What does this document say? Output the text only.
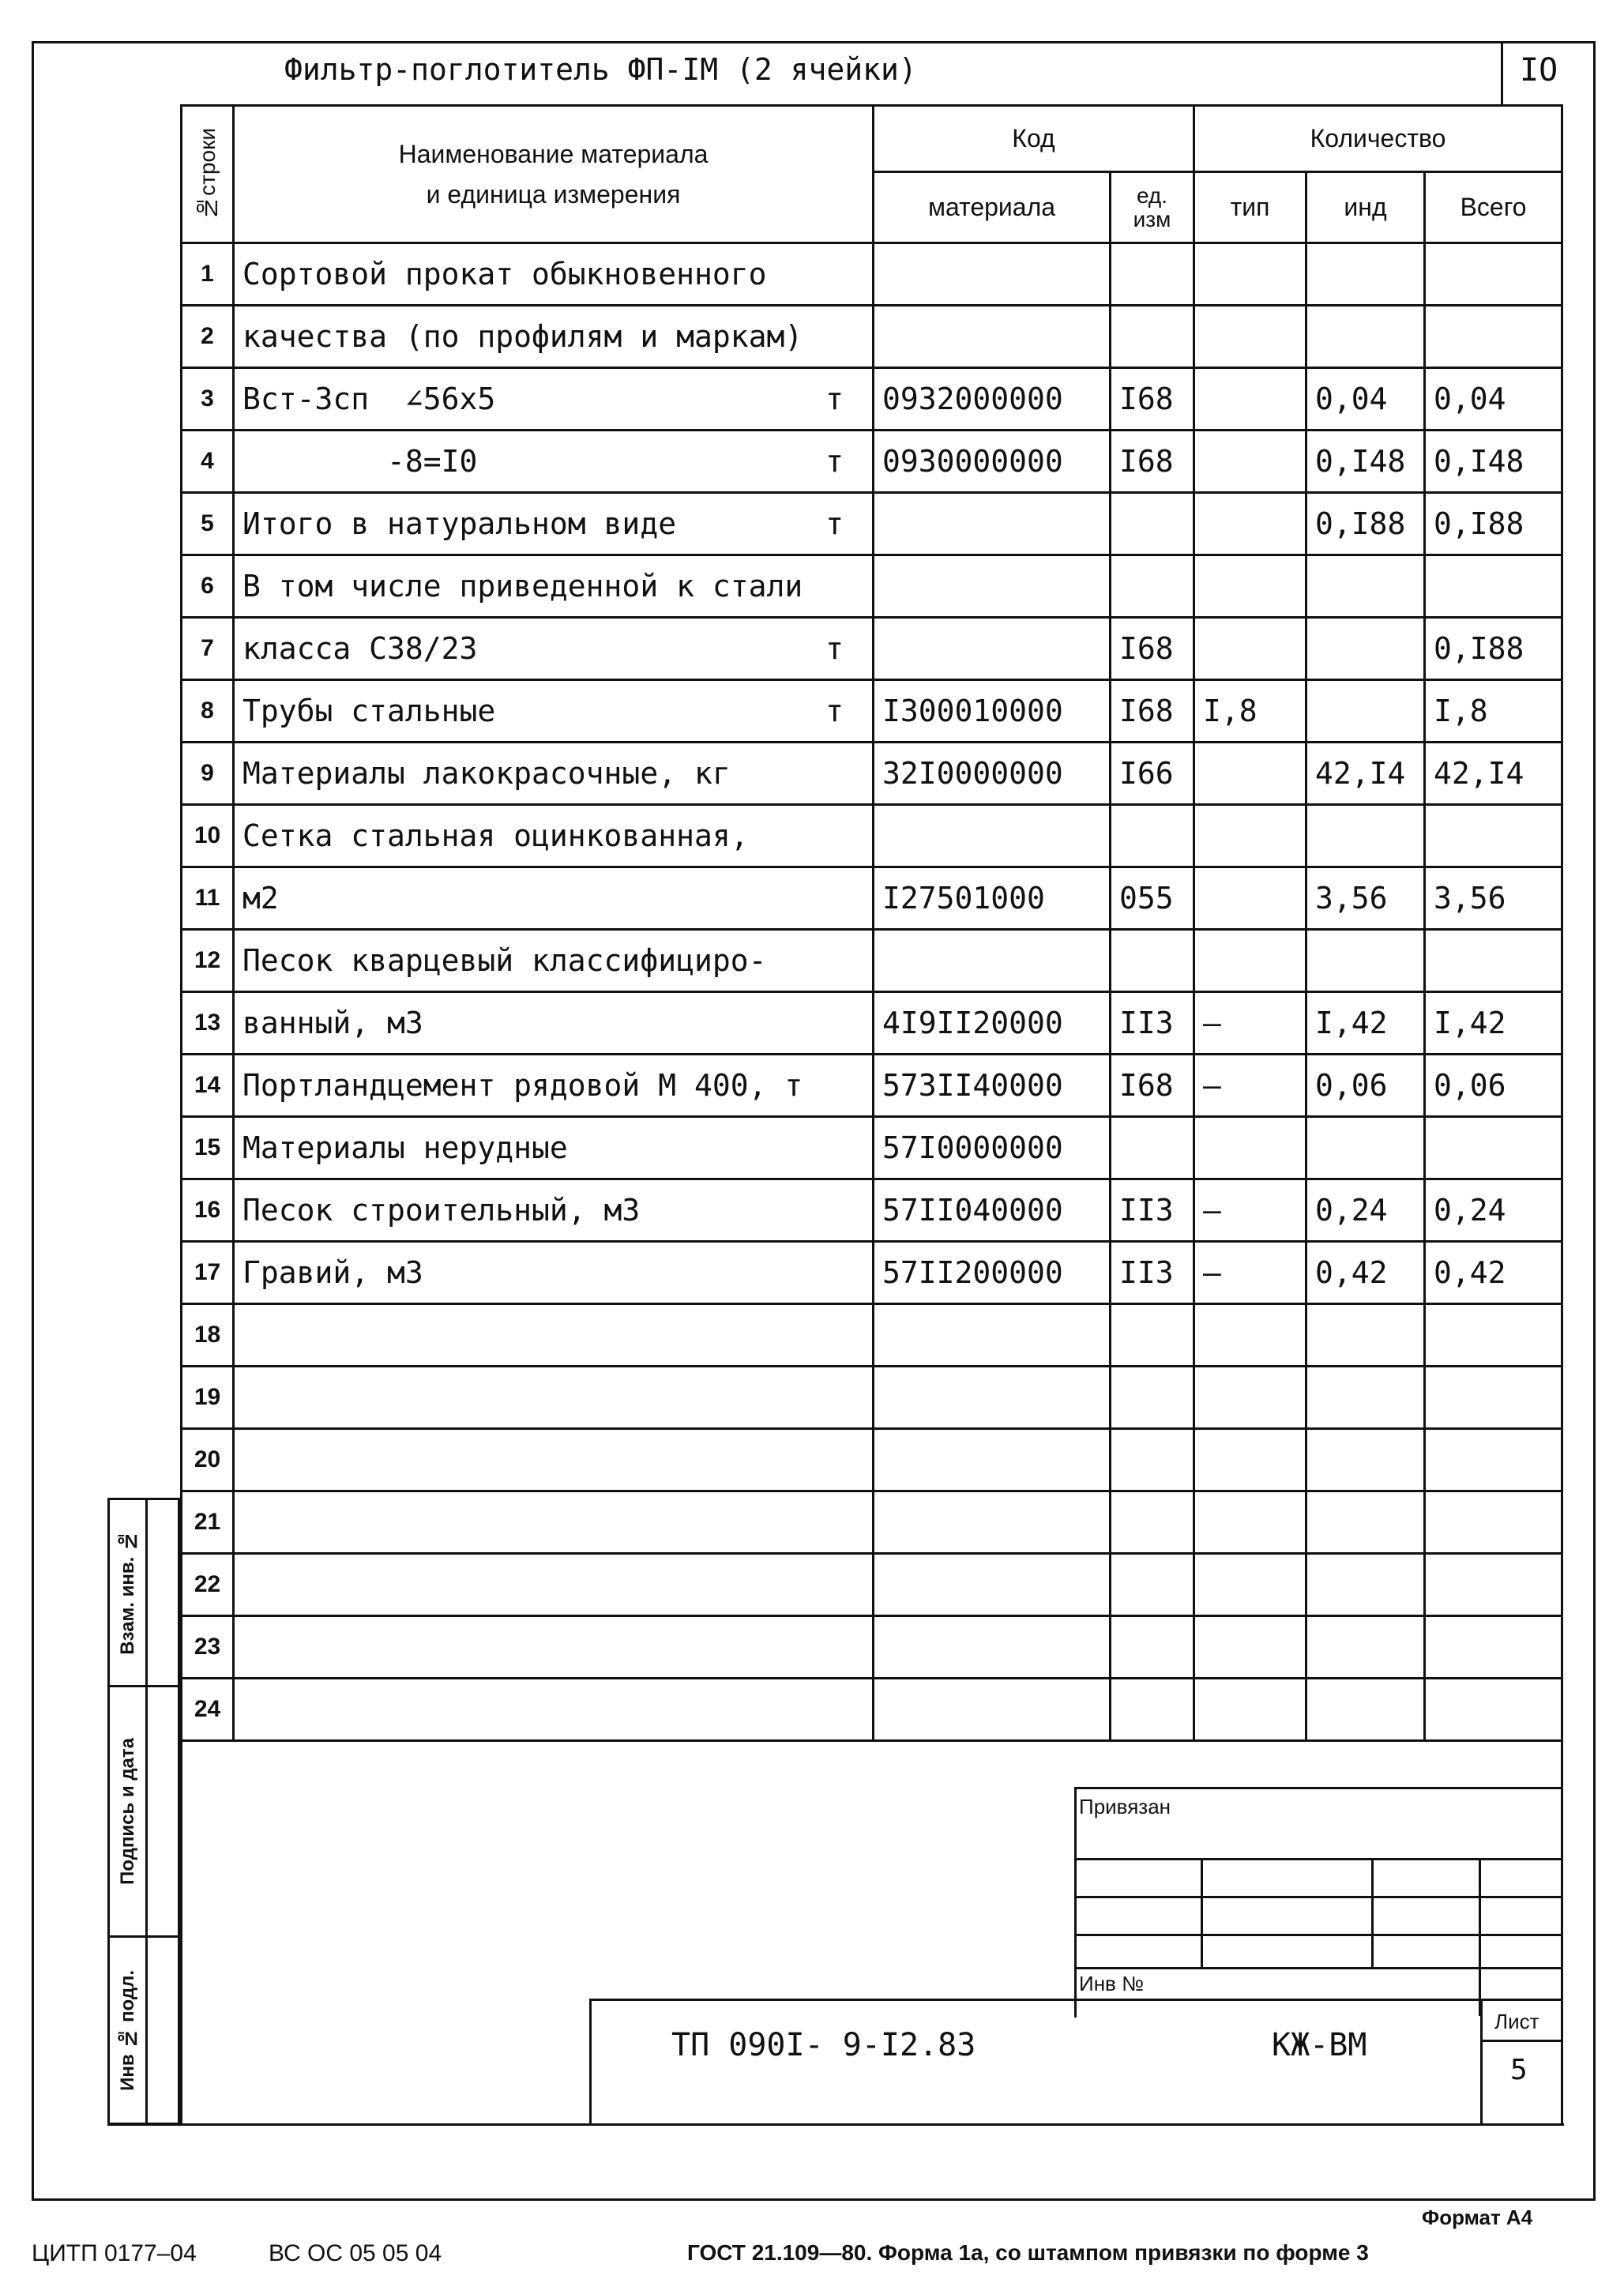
Фильтр-поглотитель ФП-IM (2 ячейки)	IO
№строки	Наименование материала
и единица измерения	Код		Количество		
		материала	ед. изм	тип	инд	Всего
1	Сортовой прокат обыкновенного

2	качества (по профилям и маркам)

3	Вст-3сп  ∠56х5 т	0932000000	I68		0,04	0,04
4	-8=I0 т	0930000000	I68		0,I48	0,I48
5	Итого в натуральном виде т				0,I88	0,I88
6	В том числе приведенной к стали

7	класса С38/23 т		I68			0,I88
8	Трубы стальные т	I300010000	I68	I,8		I,8
9	Материалы лакокрасочные, кг	32I0000000	I66		42,I4	42,I4
10	Сетка стальная оцинкованная,

11	м2	I27501000	055		3,56	3,56
12	Песок кварцевый классифициро-

13	ванный, м3	4I9II20000	II3	–	I,42	I,42
14	Портландцемент рядовой М 400, т	573II40000	I68	–	0,06	0,06
15	Материалы нерудные	57I0000000				
16	Песок строительный, м3	57II040000	II3	–	0,24	0,24
17	Гравий, м3	57II200000	II3	–	0,42	0,42
18	

19	

20	

21	

22	

23	

24	

Взам. инв. №
Подпись и дата
Инв № подл.
Привязан
Инв №
ТП 090I- 9-I2.83	КЖ-ВМ
Лист
5
Формат А4
ЦИТП 0177–04	ВС ОС 05 05 04	ГОСТ 21.109—80. Форма 1а, со штампом привязки по форме 3
